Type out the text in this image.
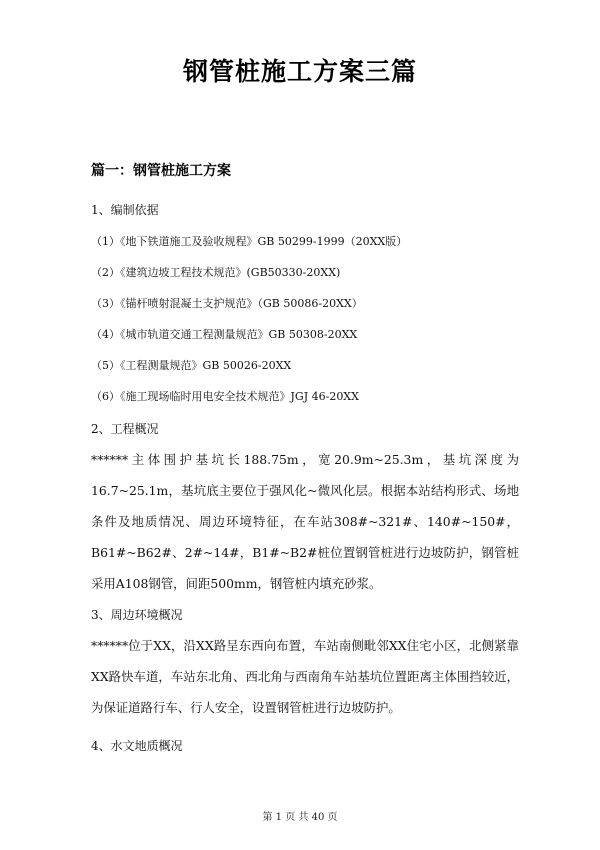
钢管桩施工方案三篇
篇一：钢管桩施工方案

1、编制依据

（1）《地下铁道施工及验收规程》GB 50299-1999（20XX版）

（2）《建筑边坡工程技术规范》(GB50330-20XX)

（3）《锚杆喷射混凝土支护规范》（GB 50086-20XX）

（4）《城市轨道交通工程测量规范》GB 50308-20XX

（5）《工程测量规范》GB 50026-20XX

（6）《施工现场临时用电安全技术规范》JGJ 46-20XX

2、工程概况

******主体围护基坑长188.75m，宽20.9m~25.3m，基坑深度为16.7~25.1m，基坑底主要位于强风化~微风化层。根据本站结构形式、场地条件及地质情况、周边环境特征，在车站308#~321#、140#~150#，B61#~B62#、2#~14#，B1#~B2#桩位置钢管桩进行边坡防护，钢管桩采用A108钢管，间距500mm，钢管桩内填充砂浆。

3、周边环境概况

******位于XX，沿XX路呈东西向布置，车站南侧毗邻XX住宅小区，北侧紧靠XX路快车道，车站东北角、西北角与西南角车站基坑位置距离主体围挡较近，为保证道路行车、行人安全，设置钢管桩进行边坡防护。

4、水文地质概况

第 1 页 共 40 页
